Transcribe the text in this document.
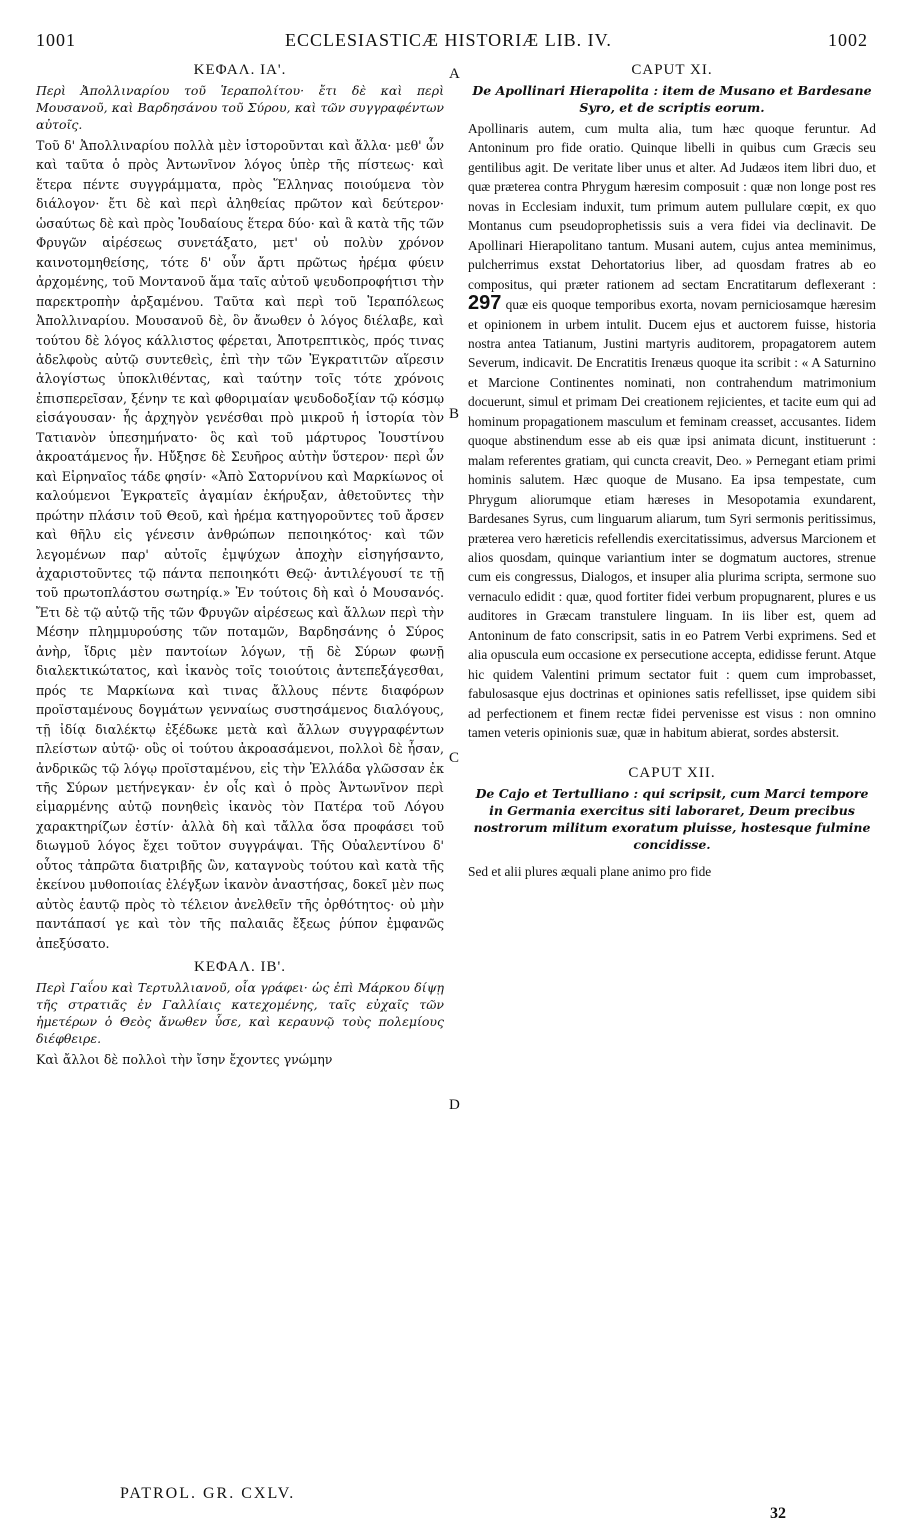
1001	ECCLESIASTICÆ HISTORIÆ LIB. IV.	1002
A
B
C
D
ΚΕΦΑΛ. ΙΑ'.
Περὶ Ἀπολλιναρίου τοῦ Ἱεραπολίτου· ἔτι δὲ καὶ περὶ Μουσανοῦ, καὶ Βαρδησάνου τοῦ Σύρου, καὶ τῶν συγγραφέντων αὐτοῖς.

Τοῦ δ' Ἀπολλιναρίου πολλὰ μὲν ἱστοροῦνται καὶ ἄλλα· μεθ' ὧν καὶ ταῦτα ὁ πρὸς Ἀντωνῖνον λόγος ὑπὲρ τῆς πίστεως· καὶ ἕτερα πέντε συγγράμματα, πρὸς Ἕλληνας ποιούμενα τὸν διάλογον· ἔτι δὲ καὶ περὶ ἀληθείας πρῶτον καὶ δεύτερον· ὡσαύτως δὲ καὶ πρὸς Ἰουδαίους ἕτερα δύο· καὶ ἃ κατὰ τῆς τῶν Φρυγῶν αἱρέσεως συνετάξατο, μετ' οὐ πολὺν χρόνον καινοτομηθείσης, τότε δ' οὖν ἄρτι πρῶτως ἠρέμα φύειν ἀρχομένης, τοῦ Μοντανοῦ ἅμα ταῖς αὐτοῦ ψευδοπροφήτισι τὴν παρεκτροπὴν ἀρξαμένου. Ταῦτα καὶ περὶ τοῦ Ἱεραπόλεως Ἀπολλιναρίου. Μουσανοῦ δὲ, ὃν ἄνωθεν ὁ λόγος διέλαβε, καὶ τούτου δὲ λόγος κάλλιστος φέρεται, Ἀποτρεπτικὸς, πρός τινας ἀδελφοὺς αὐτῷ συντεθεὶς, ἐπὶ τὴν τῶν Ἐγκρατιτῶν αἵρεσιν ἀλογίστως ὑποκλιθέντας, καὶ ταύτην τοῖς τότε χρόνοις ἐπισπερεῖσαν, ξένην τε καὶ φθοριμαίαν ψευδοδοξίαν τῷ κόσμῳ εἰσάγουσαν· ἧς ἀρχηγὸν γενέσθαι πρὸ μικροῦ ἡ ἱστορία τὸν Τατιανὸν ὑπεσημήνατο· ὃς καὶ τοῦ μάρτυρος Ἰουστίνου ἀκροατάμενος ἦν. Ηὔξησε δὲ Σευῆρος αὐτὴν ὕστερον· περὶ ὧν καὶ Εἰρηναῖος τάδε φησίν· «Ἀπὸ Σατορνίνου καὶ Μαρκίωνος οἱ καλούμενοι Ἐγκρατεῖς ἀγαμίαν ἐκήρυξαν, ἀθετοῦντες τὴν πρώτην πλάσιν τοῦ Θεοῦ, καὶ ἠρέμα κατηγοροῦντες τοῦ ἄρσεν καὶ θῆλυ εἰς γένεσιν ἀνθρώπων πεποιηκότος· καὶ τῶν λεγομένων παρ' αὐτοῖς ἐμψύχων ἀποχὴν εἰσηγήσαντο, ἀχαριστοῦντες τῷ πάντα πεποιηκότι Θεῷ· ἀντιλέγουσί τε τῇ τοῦ πρωτοπλάστου σωτηρίᾳ.» Ἐν τούτοις δὴ καὶ ὁ Μουσανός. Ἔτι δὲ τῷ αὐτῷ τῆς τῶν Φρυγῶν αἱρέσεως καὶ ἄλλων περὶ τὴν Μέσην πλημμυρούσης τῶν ποταμῶν, Βαρδησάνης ὁ Σύρος ἀνὴρ, ἴδρις μὲν παντοίων λόγων, τῇ δὲ Σύρων φωνῇ διαλεκτικώτατος, καὶ ἱκανὸς τοῖς τοιούτοις ἀντεπεξάγεσθαι, πρός τε Μαρκίωνα καὶ τινας ἄλλους πέντε διαφόρων προϊσταμένους δογμάτων γενναίως συστησάμενος διαλόγους, τῇ ἰδίᾳ διαλέκτῳ ἐξέδωκε μετὰ καὶ ἄλλων συγγραφέντων πλείστων αὐτῷ· οὓς οἱ τούτου ἀκροασάμενοι, πολλοὶ δὲ ἦσαν, ἀνδρικῶς τῷ λόγῳ προϊσταμένου, εἰς τὴν Ἑλλάδα γλῶσσαν ἐκ τῆς Σύρων μετήνεγκαν· ἐν οἷς καὶ ὁ πρὸς Ἀντωνῖνον περὶ εἱμαρμένης αὐτῷ πονηθεὶς ἱκανὸς τὸν Πατέρα τοῦ Λόγου χαρακτηρίζων ἐστίν· ἀλλὰ δὴ καὶ τἄλλα ὅσα προφάσει τοῦ διωγμοῦ λόγος ἔχει τοῦτον συγγράψαι. Τῆς Οὐαλεντίνου δ' οὗτος τἀπρῶτα διατριβῆς ὢν, καταγνοὺς τούτου καὶ κατὰ τῆς ἐκείνου μυθοποιίας ἐλέγξων ἱκανὸν ἀναστήσας, δοκεῖ μὲν πως αὐτὸς ἑαυτῷ πρὸς τὸ τέλειον ἀνελθεῖν τῆς ὀρθότητος· οὐ μὴν παντάπασί γε καὶ τὸν τῆς παλαιᾶς ἔξεως ῥύπον ἐμφανῶς ἀπεξύσατο.

ΚΕΦΑΛ. ΙΒ'.
Περὶ Γαΐου καὶ Τερτυλλιανοῦ, οἷα γράφει· ὡς ἐπὶ Μάρκου δίψῃ τῆς στρατιᾶς ἐν Γαλλίαις κατεχομένης, ταῖς εὐχαῖς τῶν ἡμετέρων ὁ Θεὸς ἄνωθεν ὗσε, καὶ κεραυνῷ τοὺς πολεμίους διέφθειρε.

Καὶ ἄλλοι δὲ πολλοὶ τὴν ἴσην ἔχοντες γνώμην

CAPUT XI.
De Apollinari Hierapolita : item de Musano et Bardesane Syro, et de scriptis eorum.

Apollinaris autem, cum multa alia, tum hæc quoque feruntur. Ad Antoninum pro fide oratio. Quinque libelli in quibus cum Græcis seu gentilibus agit. De veritate liber unus et alter. Ad Judæos item libri duo, et quæ præterea contra Phrygum hæresim composuit : quæ non longe post res novas in Ecclesiam induxit, tum primum autem pullulare cœpit, ex quo Montanus cum pseudoprophetissis suis a vera fidei via declinavit. De Apollinari Hierapolitano tantum. Musani autem, cujus antea meminimus, pulcherrimus exstat Dehortatorius liber, ad quosdam fratres ab eo compositus, qui præter rationem ad sectam Encratitarum deflexerant : 297 quæ eis quoque temporibus exorta, novam perniciosamque hæresim et opinionem in urbem intulit. Ducem ejus et auctorem fuisse, historia nostra antea Tatianum, Justini martyris auditorem, propagatorem autem Severum, indicavit. De Encratitis Irenæus quoque ita scribit : « A Saturnino et Marcione Continentes nominati, non contrahendum matrimonium docuerunt, simul et primam Dei creationem rejicientes, et tacite eum qui ad hominum propagationem masculum et feminam creasset, accusantes. Iidem quoque abstinendum esse ab eis quæ ipsi animata dicunt, instituerunt : malam referentes gratiam, qui cuncta creavit, Deo. » Pernegant etiam primi hominis salutem. Hæc quoque de Musano. Ea ipsa tempestate, cum Phrygum aliorumque etiam hæreses in Mesopotamia exundarent, Bardesanes Syrus, cum linguarum aliarum, tum Syri sermonis peritissimus, præterea vero hæreticis refellendis exercitatissimus, adversus Marcionem et alios quosdam, quinque variantium inter se dogmatum auctores, strenue cum eis congressus, Dialogos, et insuper alia plurima scripta, sermone suo vernaculo edidit : quæ, quod fortiter fidei verbum propugnarent, plures e us auditores in Græcam transtulere linguam. In iis liber est, quem ad Antoninum de fato conscripsit, satis in eo Patrem Verbi exprimens. Sed et alia opuscula eum occasione ex persecutione accepta, edidisse ferunt. Atque hic quidem Valentini primum sectator fuit : quem cum improbasset, fabulosasque ejus doctrinas et opiniones satis refellisset, ipse quidem sibi ad perfectionem et finem rectæ fidei pervenisse est visus : non omnino tamen veteris opinionis suæ, quæ in habitum abierat, sordes abstersit.

CAPUT XII.
De Cajo et Tertulliano : qui scripsit, cum Marci tempore in Germania exercitus siti laboraret, Deum precibus nostrorum militum exoratum pluisse, hostesque fulmine concidisse.

Sed et alii plures æquali plane animo pro fide

PATROL. GR. CXLV.
32
